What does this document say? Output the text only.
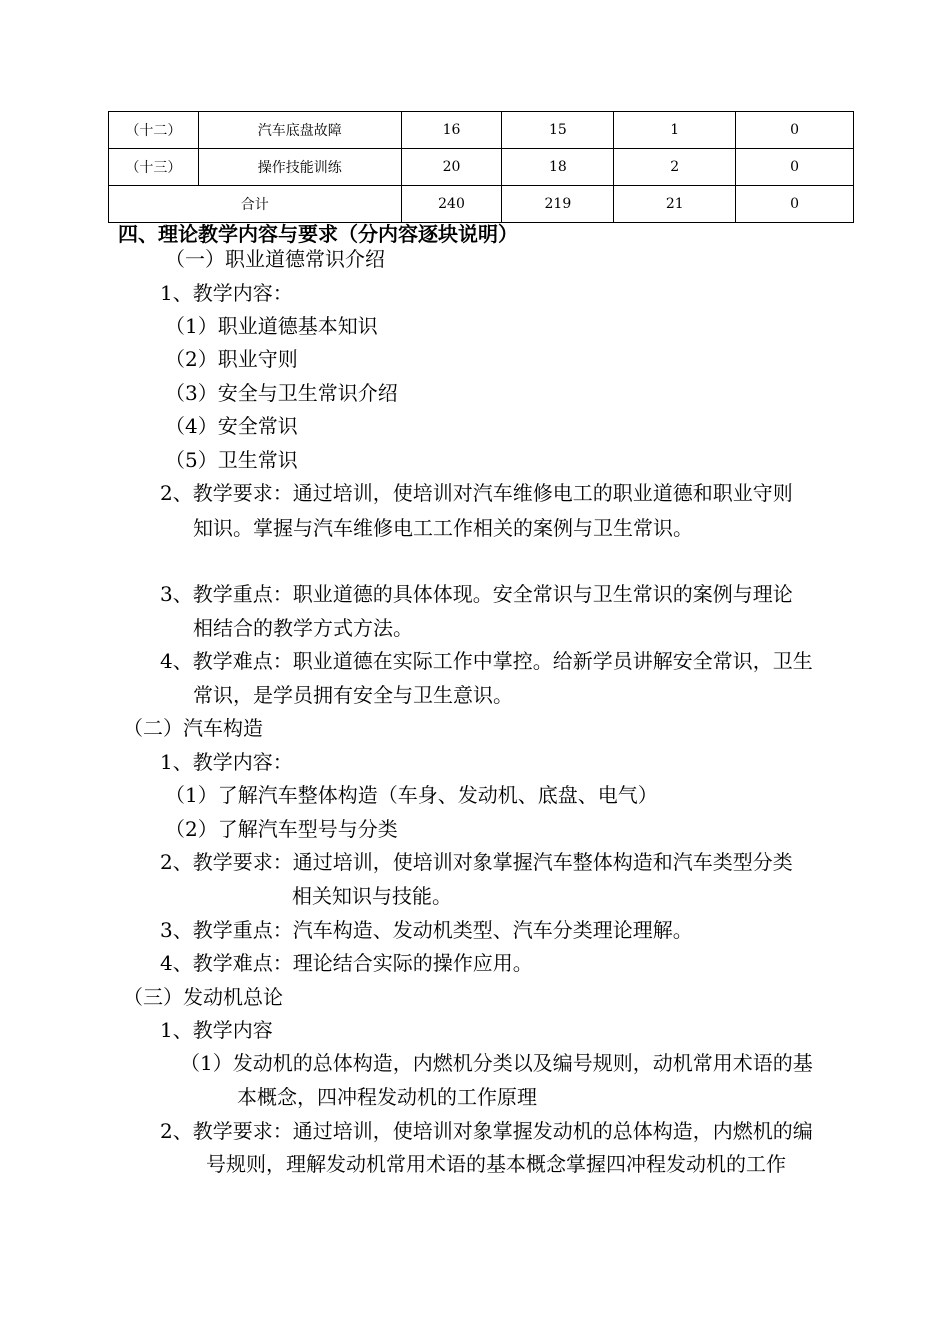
（十二）	汽车底盘故障	16	15	1	0
（十三）	操作技能训练	20	18	2	0
合计		240	219	21	0
四、理论教学内容与要求（分内容逐块说明）
（一）职业道德常识介绍
1、教学内容：
（1）职业道德基本知识
（2）职业守则
（3）安全与卫生常识介绍
（4）安全常识
（5）卫生常识
2、教学要求：通过培训，使培训对汽车维修电工的职业道德和职业守则
知识。掌握与汽车维修电工工作相关的案例与卫生常识。
3、教学重点：职业道德的具体体现。安全常识与卫生常识的案例与理论
相结合的教学方式方法。
4、教学难点：职业道德在实际工作中掌控。给新学员讲解安全常识，卫生
常识，是学员拥有安全与卫生意识。
（二）汽车构造
1、教学内容：
（1）了解汽车整体构造（车身、发动机、底盘、电气）
（2）了解汽车型号与分类
2、教学要求：通过培训，使培训对象掌握汽车整体构造和汽车类型分类
相关知识与技能。
3、教学重点：汽车构造、发动机类型、汽车分类理论理解。
4、教学难点：理论结合实际的操作应用。
（三）发动机总论
1、教学内容
（1）发动机的总体构造，内燃机分类以及编号规则，动机常用术语的基
本概念，四冲程发动机的工作原理
2、教学要求：通过培训，使培训对象掌握发动机的总体构造，内燃机的编
号规则，理解发动机常用术语的基本概念掌握四冲程发动机的工作
